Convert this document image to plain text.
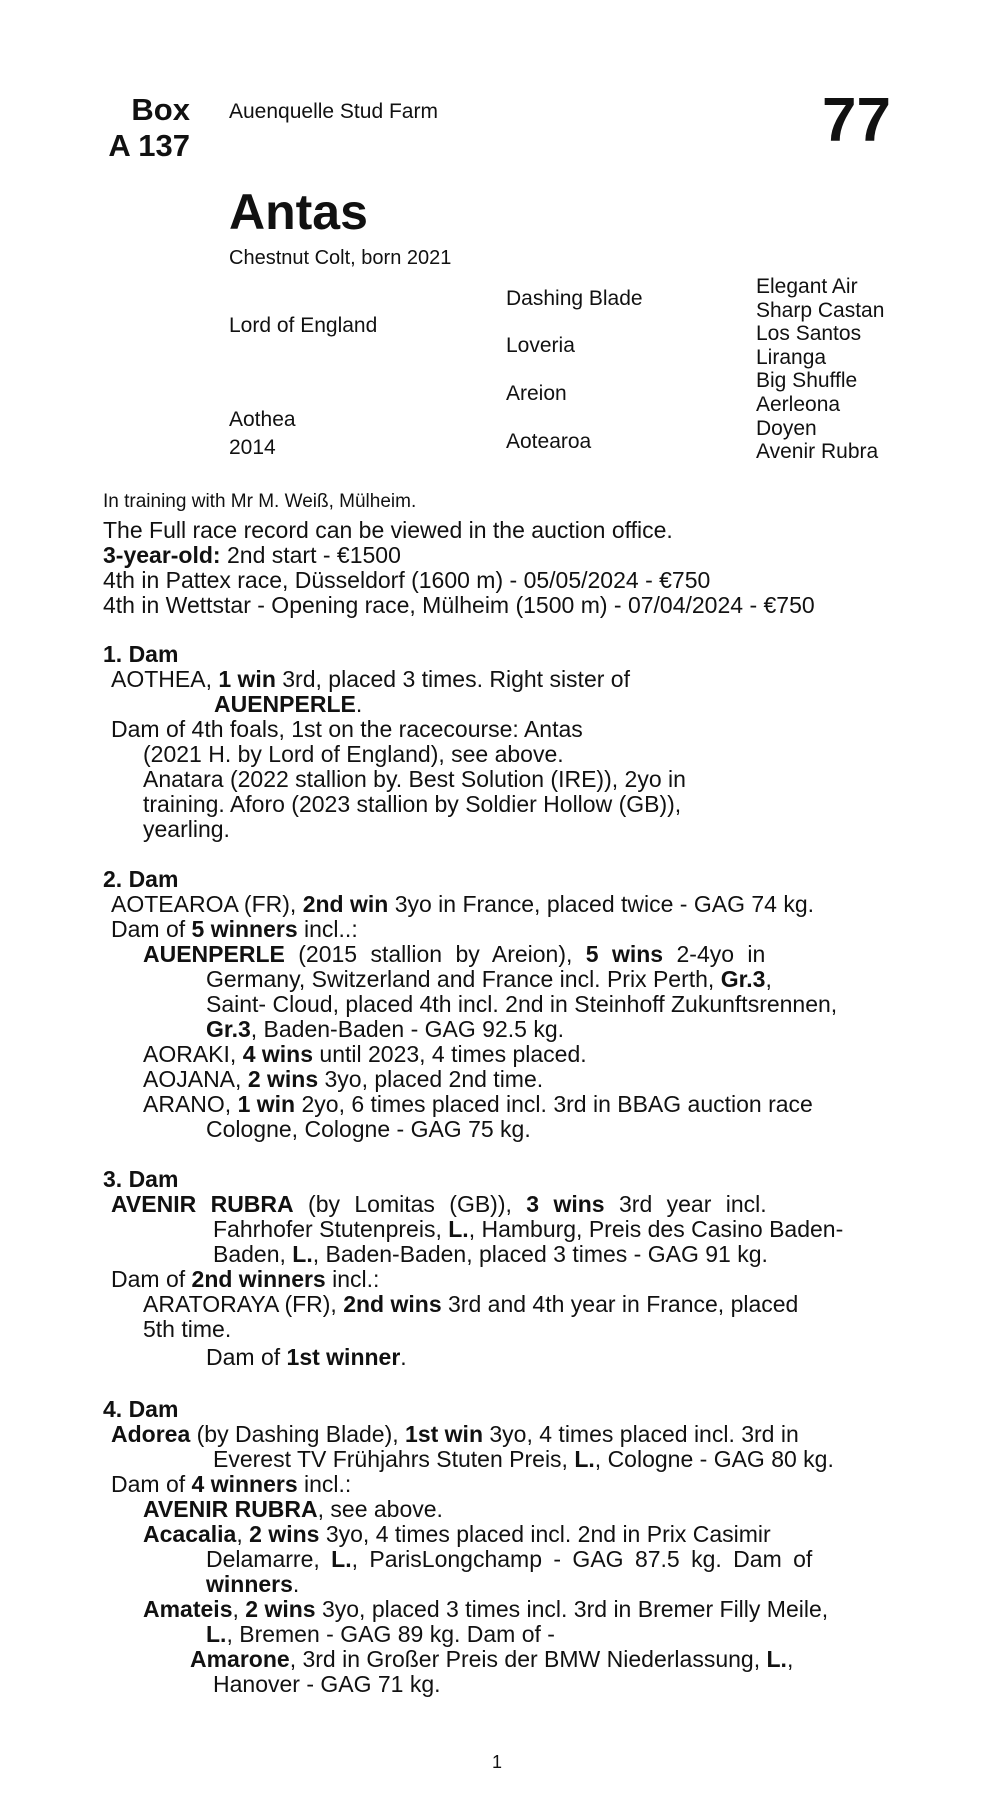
Box
A 137
Auenquelle Stud Farm	77
Antas
Chestnut Colt, born 2021
Lord of England
Aothea
2014
Dashing Blade
Loveria
Areion
Aotearoa
Elegant Air
Sharp Castan
Los Santos
Liranga
Big Shuffle
Aerleona
Doyen
Avenir Rubra
In training with Mr M. Weiß, Mülheim.
The Full race record can be viewed in the auction office.
3-year-old: 2nd start - €1500
4th in Pattex race, Düsseldorf (1600 m) - 05/05/2024 - €750
4th in Wettstar - Opening race, Mülheim (1500 m) - 07/04/2024 - €750
1. Dam
AOTHEA, 1 win 3rd, placed 3 times. Right sister of
AUENPERLE.
Dam of 4th foals, 1st on the racecourse: Antas
(2021 H. by Lord of England), see above.
Anatara (2022 stallion by. Best Solution (IRE)), 2yo in
training. Aforo (2023 stallion by Soldier Hollow (GB)),
yearling.
2. Dam
AOTEAROA (FR), 2nd win 3yo in France, placed twice - GAG 74 kg.
Dam of 5 winners incl..:
AUENPERLE (2015 stallion by Areion), 5 wins 2-4yo in
Germany, Switzerland and France incl. Prix Perth, Gr.3,
Saint- Cloud, placed 4th incl. 2nd in Steinhoff Zukunftsrennen,
Gr.3, Baden-Baden - GAG 92.5 kg.
AORAKI, 4 wins until 2023, 4 times placed.
AOJANA, 2 wins 3yo, placed 2nd time.
ARANO, 1 win 2yo, 6 times placed incl. 3rd in BBAG auction race
Cologne, Cologne - GAG 75 kg.
3. Dam
AVENIR RUBRA (by Lomitas (GB)), 3 wins 3rd year incl.
Fahrhofer Stutenpreis, L., Hamburg, Preis des Casino Baden-
Baden, L., Baden-Baden, placed 3 times - GAG 91 kg.
Dam of 2nd winners incl.:
ARATORAYA (FR), 2nd wins 3rd and 4th year in France, placed
5th time.
Dam of 1st winner.
4. Dam
Adorea (by Dashing Blade), 1st win 3yo, 4 times placed incl. 3rd in
Everest TV Frühjahrs Stuten Preis, L., Cologne - GAG 80 kg.
Dam of 4 winners incl.:
AVENIR RUBRA, see above.
Acacalia, 2 wins 3yo, 4 times placed incl. 2nd in Prix Casimir
Delamarre, L., ParisLongchamp - GAG 87.5 kg. Dam of
winners.
Amateis, 2 wins 3yo, placed 3 times incl. 3rd in Bremer Filly Meile,
L., Bremen - GAG 89 kg. Dam of -
Amarone, 3rd in Großer Preis der BMW Niederlassung, L.,
Hanover - GAG 71 kg.
1
